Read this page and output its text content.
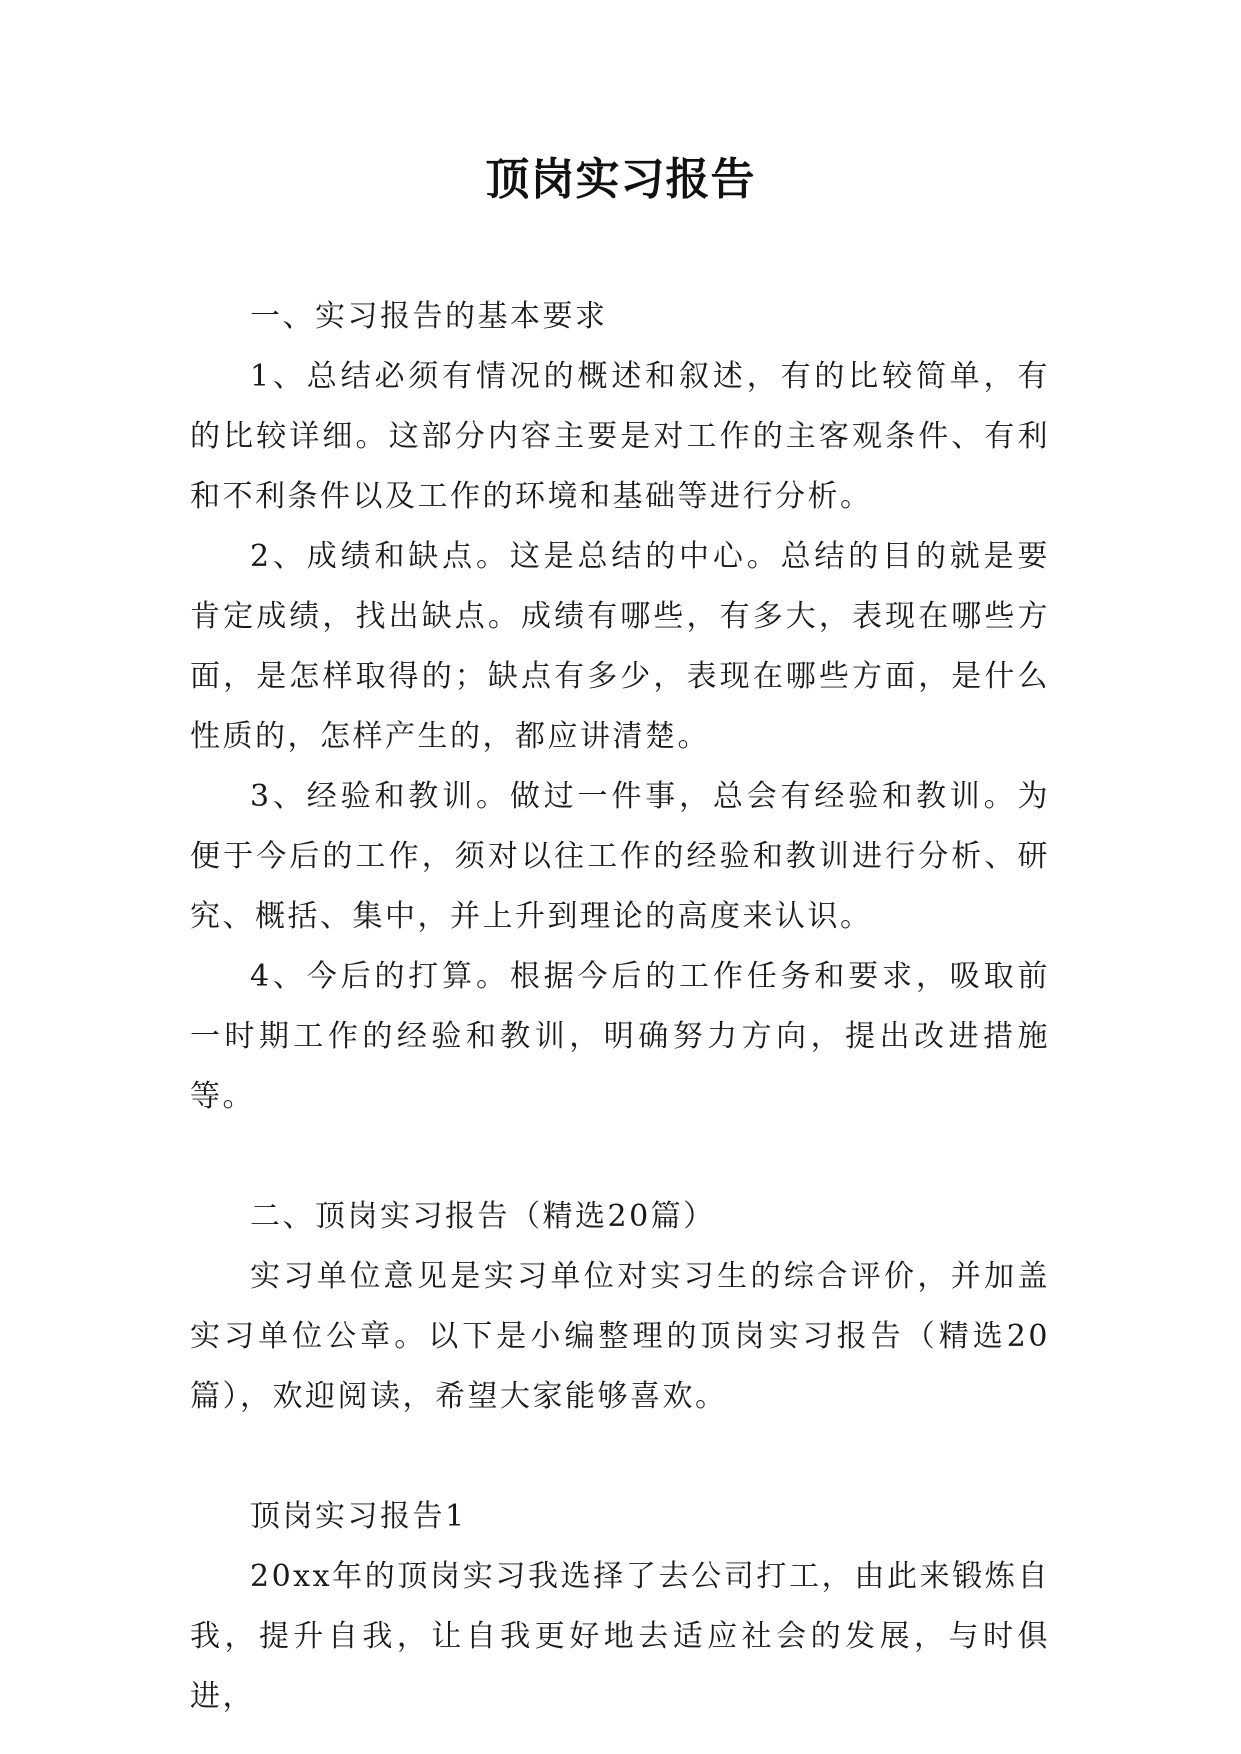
顶岗实习报告

一、实习报告的基本要求

1、总结必须有情况的概述和叙述，有的比较简单，有的比较详细。这部分内容主要是对工作的主客观条件、有利和不利条件以及工作的环境和基础等进行分析。

2、成绩和缺点。这是总结的中心。总结的目的就是要肯定成绩，找出缺点。成绩有哪些，有多大，表现在哪些方面，是怎样取得的；缺点有多少，表现在哪些方面，是什么性质的，怎样产生的，都应讲清楚。

3、经验和教训。做过一件事，总会有经验和教训。为便于今后的工作，须对以往工作的经验和教训进行分析、研究、概括、集中，并上升到理论的高度来认识。

4、今后的打算。根据今后的工作任务和要求，吸取前一时期工作的经验和教训，明确努力方向，提出改进措施等。

二、顶岗实习报告（精选20篇）

实习单位意见是实习单位对实习生的综合评价，并加盖实习单位公章。以下是小编整理的顶岗实习报告（精选20篇），欢迎阅读，希望大家能够喜欢。

顶岗实习报告1

20xx年的顶岗实习我选择了去公司打工，由此来锻炼自我，提升自我，让自我更好地去适应社会的发展，与时俱进，
